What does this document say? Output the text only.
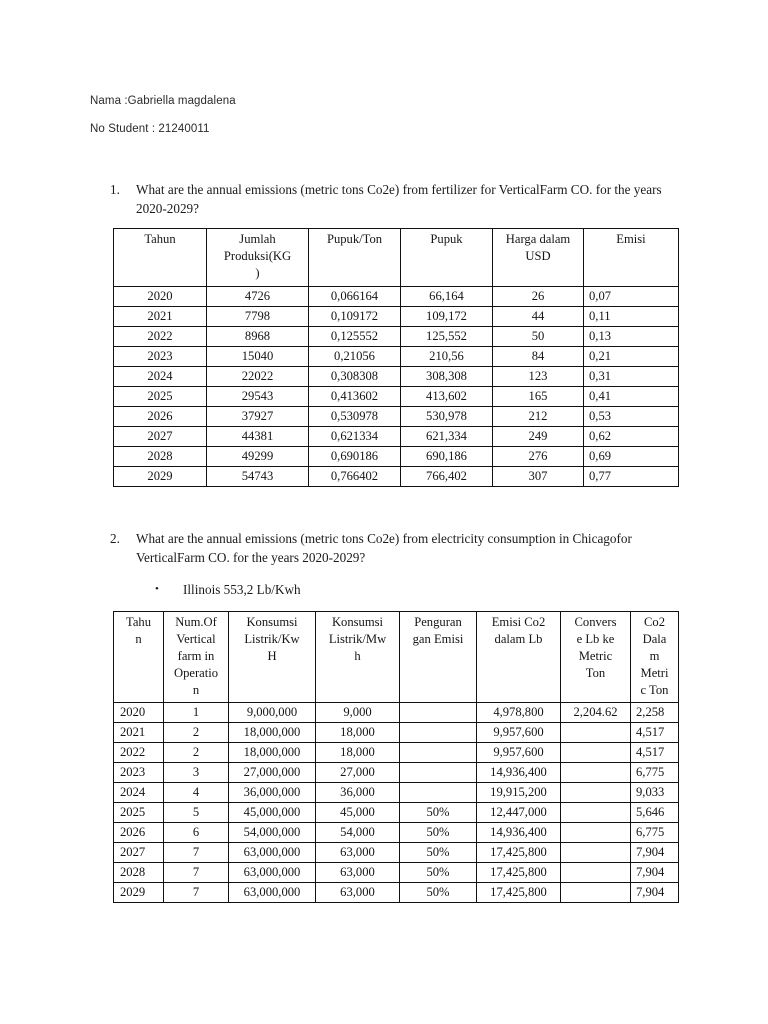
Nama :Gabriella magdalena
No Student : 21240011
1.	What are the annual emissions (metric tons Co2e) from fertilizer for VerticalFarm CO. for the years 2020-2029?
Tahun	Jumlah
Produksi(KG
)	Pupuk/Ton	Pupuk	Harga dalam
USD	Emisi
2020	4726	0,066164	66,164	26	0,07
2021	7798	0,109172	109,172	44	0,11
2022	8968	0,125552	125,552	50	0,13
2023	15040	0,21056	210,56	84	0,21
2024	22022	0,308308	308,308	123	0,31
2025	29543	0,413602	413,602	165	0,41
2026	37927	0,530978	530,978	212	0,53
2027	44381	0,621334	621,334	249	0,62
2028	49299	0,690186	690,186	276	0,69
2029	54743	0,766402	766,402	307	0,77
2.	What are the annual emissions (metric tons Co2e) from electricity consumption in Chicagofor VerticalFarm CO. for the years 2020-2029?
•	Illinois 553,2 Lb/Kwh
Tahu
n	Num.Of
Vertical
farm in
Operatio
n	Konsumsi
Listrik/Kw
H	Konsumsi
Listrik/Mw
h	Penguran
gan Emisi	Emisi Co2
dalam Lb	Convers
e Lb ke
Metric
Ton	Co2
Dala
m
Metri
c Ton
2020	1	9,000,000	9,000		4,978,800	2,204.62	2,258
2021	2	18,000,000	18,000		9,957,600		4,517
2022	2	18,000,000	18,000		9,957,600		4,517
2023	3	27,000,000	27,000		14,936,400		6,775
2024	4	36,000,000	36,000		19,915,200		9,033
2025	5	45,000,000	45,000	50%	12,447,000		5,646
2026	6	54,000,000	54,000	50%	14,936,400		6,775
2027	7	63,000,000	63,000	50%	17,425,800		7,904
2028	7	63,000,000	63,000	50%	17,425,800		7,904
2029	7	63,000,000	63,000	50%	17,425,800		7,904
